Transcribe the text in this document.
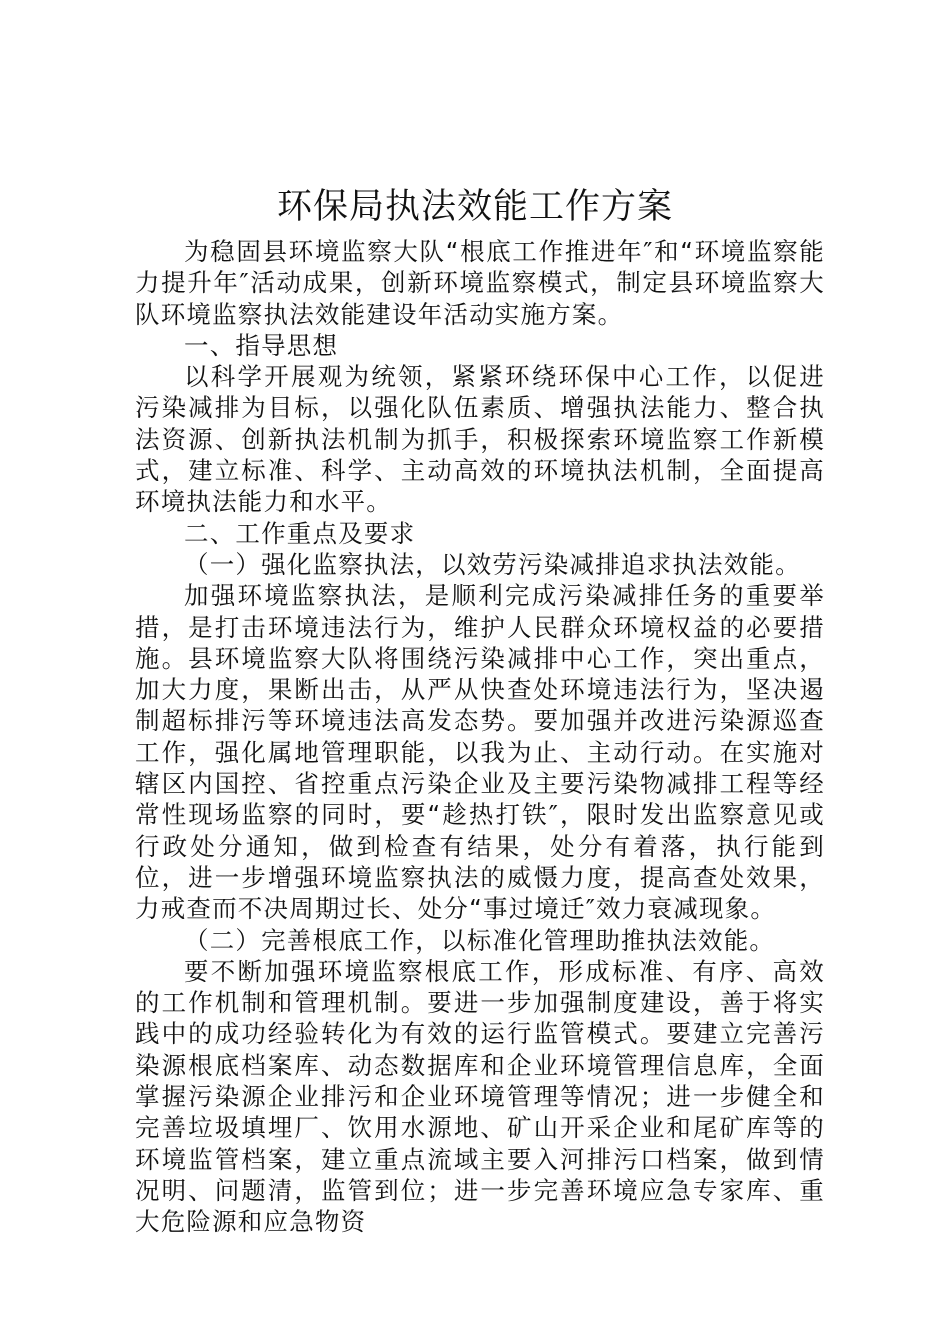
环保局执法效能工作方案

为稳固县环境监察大队“根底工作推进年″和“环境监察能力提升年″活动成果，创新环境监察模式，制定县环境监察大队环境监察执法效能建设年活动实施方案。

一、指导思想

以科学开展观为统领，紧紧环绕环保中心工作，以促进污染减排为目标，以强化队伍素质、增强执法能力、整合执法资源、创新执法机制为抓手，积极探索环境监察工作新模式，建立标准、科学、主动高效的环境执法机制，全面提高环境执法能力和水平。

二、工作重点及要求

（一）强化监察执法，以效劳污染减排追求执法效能。

加强环境监察执法，是顺利完成污染减排任务的重要举措，是打击环境违法行为，维护人民群众环境权益的必要措施。县环境监察大队将围绕污染减排中心工作，突出重点，加大力度，果断出击，从严从快查处环境违法行为，坚决遏制超标排污等环境违法高发态势。要加强并改进污染源巡查工作，强化属地管理职能，以我为止、主动行动。在实施对辖区内国控、省控重点污染企业及主要污染物减排工程等经常性现场监察的同时，要“趁热打铁″，限时发出监察意见或行政处分通知，做到检查有结果，处分有着落，执行能到位，进一步增强环境监察执法的威慑力度，提高查处效果，力戒查而不决周期过长、处分“事过境迁″效力衰减现象。

（二）完善根底工作，以标准化管理助推执法效能。

要不断加强环境监察根底工作，形成标准、有序、高效的工作机制和管理机制。要进一步加强制度建设，善于将实践中的成功经验转化为有效的运行监管模式。要建立完善污染源根底档案库、动态数据库和企业环境管理信息库，全面掌握污染源企业排污和企业环境管理等情况；进一步健全和完善垃圾填埋厂、饮用水源地、矿山开采企业和尾矿库等的环境监管档案，建立重点流域主要入河排污口档案，做到情况明、问题清，监管到位；进一步完善环境应急专家库、重大危险源和应急物资
